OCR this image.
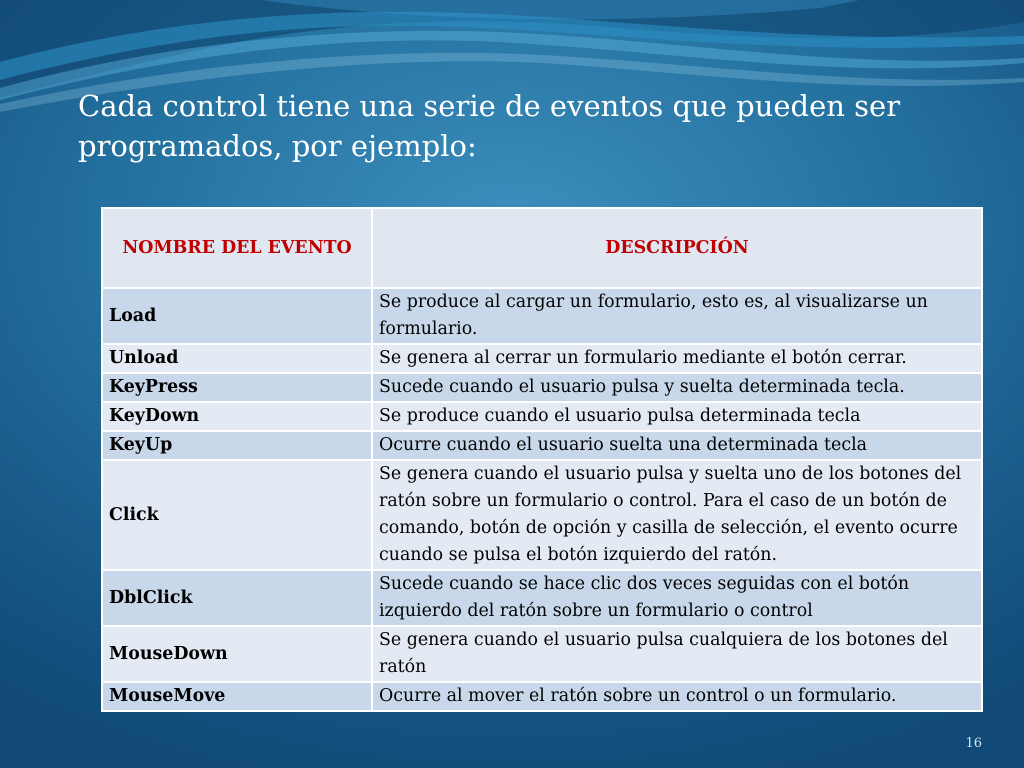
Cada control tiene una serie de eventos que pueden ser programados, por ejemplo:
NOMBRE DEL EVENTO	DESCRIPCIÓN
Load	Se produce al cargar un formulario, esto es, al visualizarse un formulario.
Unload	Se genera al cerrar un formulario mediante el botón cerrar.
KeyPress	Sucede cuando el usuario pulsa y suelta determinada tecla.
KeyDown	Se produce cuando el usuario pulsa determinada tecla
KeyUp	Ocurre cuando el usuario suelta una determinada tecla
Click	Se genera cuando el usuario pulsa y suelta uno de los botones del ratón sobre un formulario o control. Para el caso de un botón de comando, botón de opción y casilla de selección, el evento ocurre cuando se pulsa el botón izquierdo del ratón.
DblClick	Sucede cuando se hace clic dos veces seguidas con el botón izquierdo del ratón sobre un formulario o control
MouseDown	Se genera cuando el usuario pulsa cualquiera de los botones del ratón
MouseMove	Ocurre al mover el ratón sobre un control o un formulario.
16
